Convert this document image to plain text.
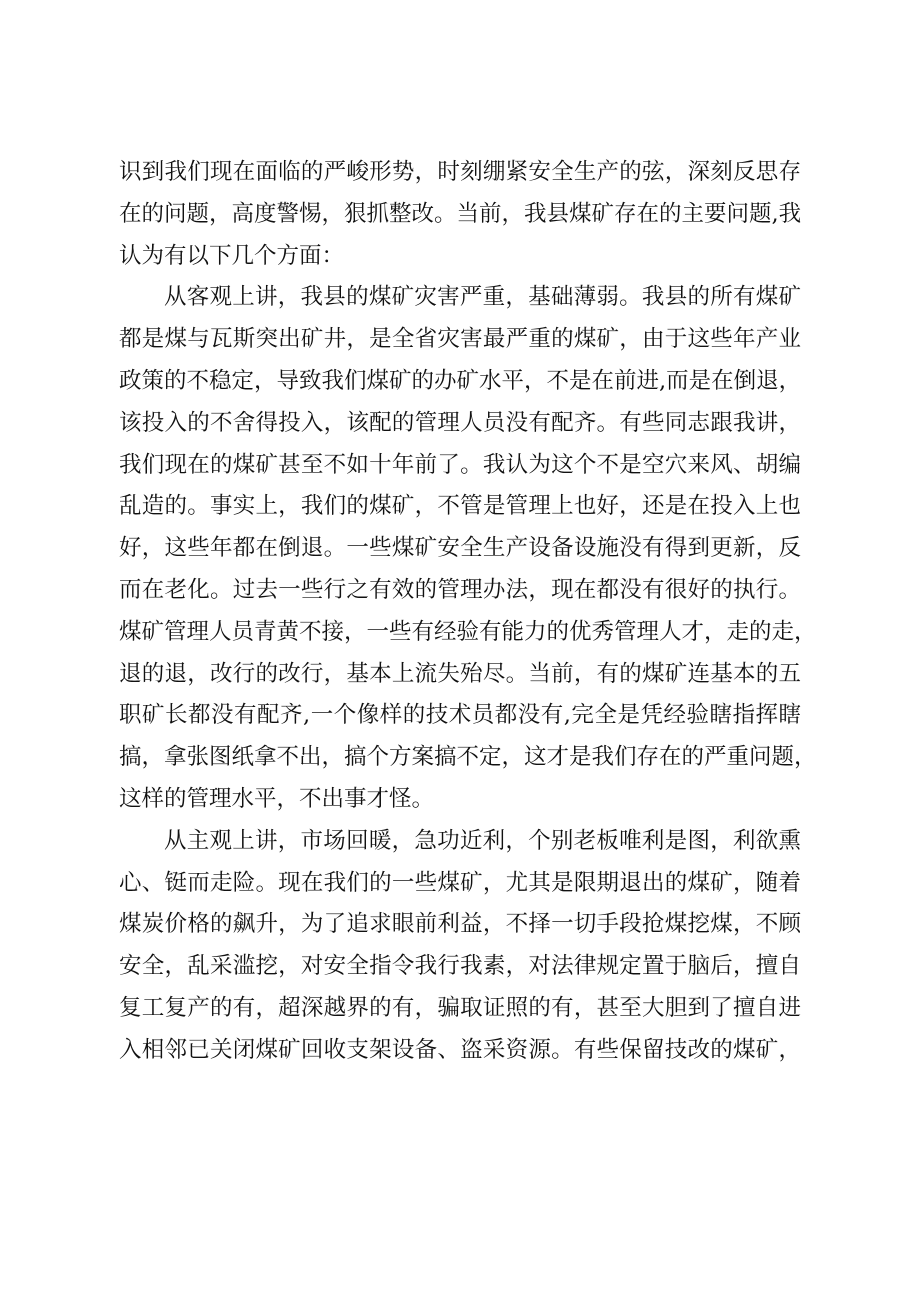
识到我们现在面临的严峻形势，时刻绷紧安全生产的弦，深刻反思存
在的问题，高度警惕，狠抓整改。当前，我县煤矿存在的主要问题,我
认为有以下几个方面：
从客观上讲，我县的煤矿灾害严重，基础薄弱。我县的所有煤矿
都是煤与瓦斯突出矿井，是全省灾害最严重的煤矿，由于这些年产业
政策的不稳定，导致我们煤矿的办矿水平，不是在前进,而是在倒退，
该投入的不舍得投入，该配的管理人员没有配齐。有些同志跟我讲，
我们现在的煤矿甚至不如十年前了。我认为这个不是空穴来风、胡编
乱造的。事实上，我们的煤矿，不管是管理上也好，还是在投入上也
好，这些年都在倒退。一些煤矿安全生产设备设施没有得到更新，反
而在老化。过去一些行之有效的管理办法，现在都没有很好的执行。
煤矿管理人员青黄不接，一些有经验有能力的优秀管理人才，走的走，
退的退，改行的改行，基本上流失殆尽。当前，有的煤矿连基本的五
职矿长都没有配齐,一个像样的技术员都没有,完全是凭经验瞎指挥瞎
搞，拿张图纸拿不出，搞个方案搞不定，这才是我们存在的严重问题，
这样的管理水平，不出事才怪。
从主观上讲，市场回暖，急功近利，个别老板唯利是图，利欲熏
心、铤而走险。现在我们的一些煤矿，尤其是限期退出的煤矿，随着
煤炭价格的飙升，为了追求眼前利益，不择一切手段抢煤挖煤，不顾
安全，乱采滥挖，对安全指令我行我素，对法律规定置于脑后，擅自
复工复产的有，超深越界的有，骗取证照的有，甚至大胆到了擅自进
入相邻已关闭煤矿回收支架设备、盗采资源。有些保留技改的煤矿，
